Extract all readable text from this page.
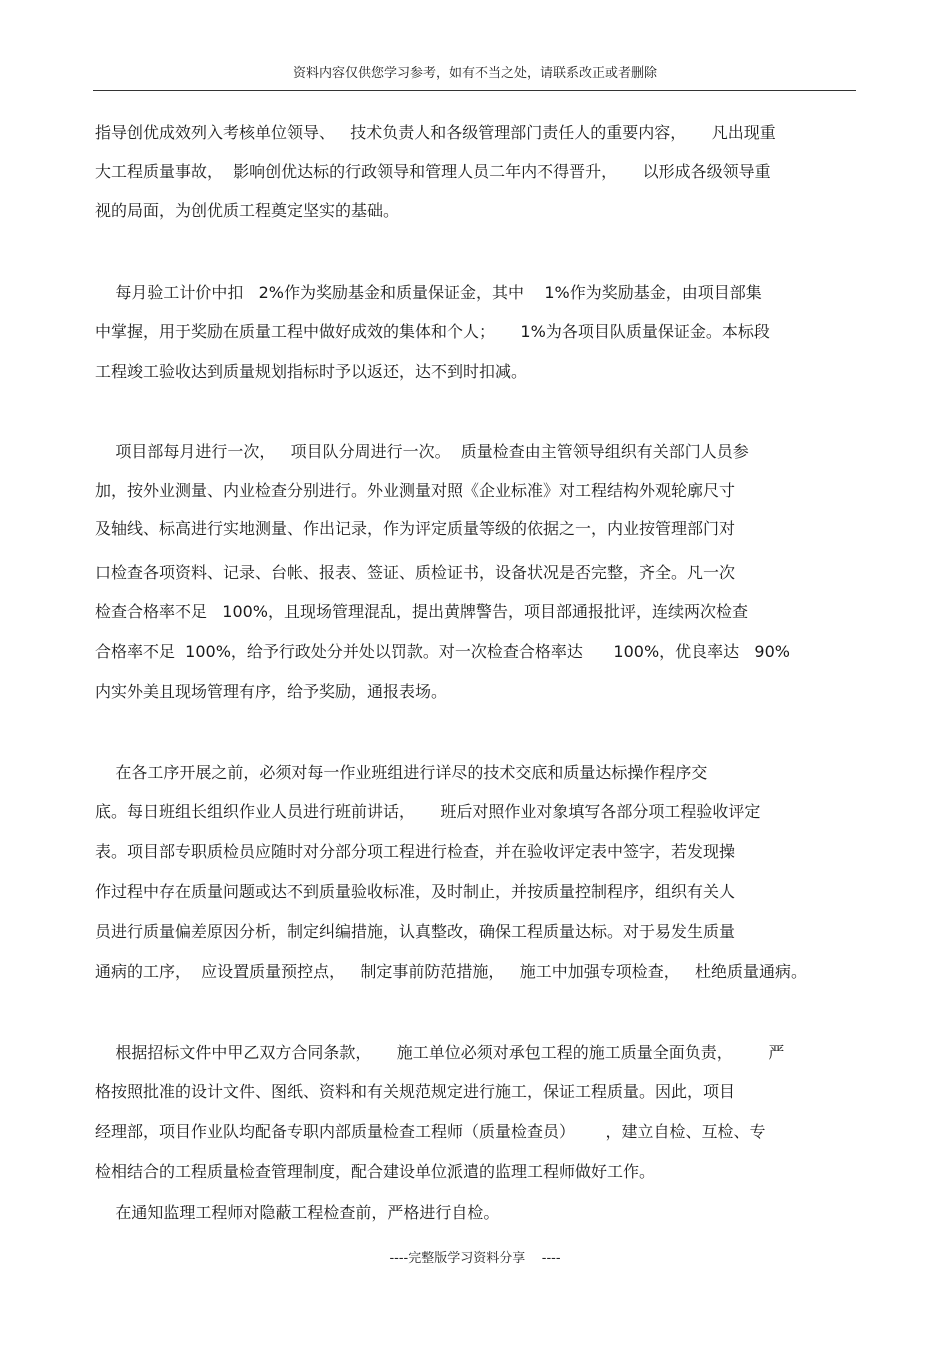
资料内容仅供您学习参考，如有不当之处，请联系改正或者删除
指导创优成效列入考核单位领导、   技术负责人和各级管理部门责任人的重要内容，     凡出现重
大工程质量事故，  影响创优达标的行政领导和管理人员二年内不得晋升，     以形成各级领导重
视的局面，为创优质工程奠定坚实的基础。
每月验工计价中扣   2%作为奖励基金和质量保证金，其中    1%作为奖励基金，由项目部集
中掌握，用于奖励在质量工程中做好成效的集体和个人；     1%为各项目队质量保证金。本标段
工程竣工验收达到质量规划指标时予以返还，达不到时扣减。
项目部每月进行一次，   项目队分周进行一次。  质量检查由主管领导组织有关部门人员参
加，按外业测量、内业检查分别进行。外业测量对照《企业标准》对工程结构外观轮廓尺寸
及轴线、标高进行实地测量、作出记录，作为评定质量等级的依据之一，内业按管理部门对
口检查各项资料、记录、台帐、报表、签证、质检证书，设备状况是否完整，齐全。凡一次
检查合格率不足   100%，且现场管理混乱，提出黄牌警告，项目部通报批评，连续两次检查
合格率不足  100%，给予行政处分并处以罚款。对一次检查合格率达      100%，优良率达   90%
内实外美且现场管理有序，给予奖励，通报表场。
在各工序开展之前，必须对每一作业班组进行详尽的技术交底和质量达标操作程序交
底。每日班组长组织作业人员进行班前讲话，     班后对照作业对象填写各部分项工程验收评定
表。项目部专职质检员应随时对分部分项工程进行检查，并在验收评定表中签字，若发现操
作过程中存在质量问题或达不到质量验收标准，及时制止，并按质量控制程序，组织有关人
员进行质量偏差原因分析，制定纠编措施，认真整改，确保工程质量达标。对于易发生质量
通病的工序，  应设置质量预控点，   制定事前防范措施，   施工中加强专项检查，   杜绝质量通病。
根据招标文件中甲乙双方合同条款，     施工单位必须对承包工程的施工质量全面负责，       严
格按照批准的设计文件、图纸、资料和有关规范规定进行施工，保证工程质量。因此，项目
经理部，项目作业队均配备专职内部质量检查工程师（质量检查员）      ，建立自检、互检、专
检相结合的工程质量检查管理制度，配合建设单位派遣的监理工程师做好工作。
在通知监理工程师对隐蔽工程检查前，严格进行自检。
----完整版学习资料分享    ----
